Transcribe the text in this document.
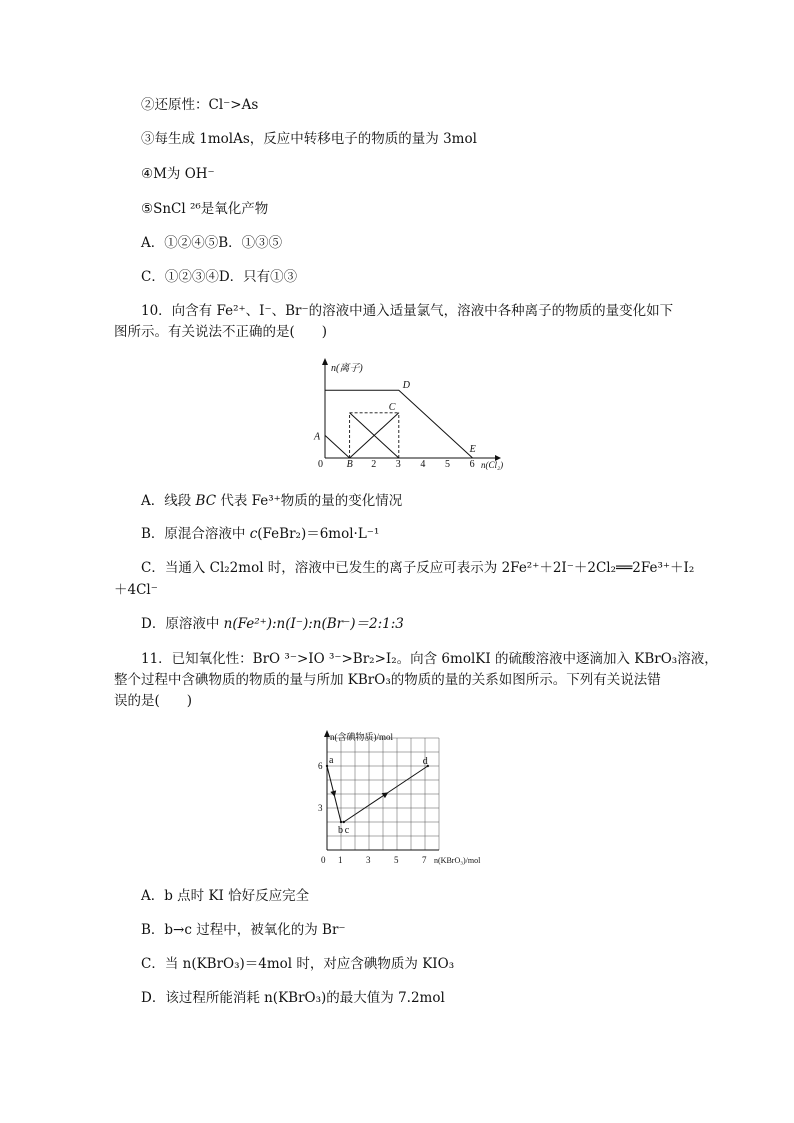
②还原性：Cl⁻>As
③每生成 1molAs，反应中转移电子的物质的量为 3mol
④M为 OH⁻
⑤SnCl ²⁶是氧化产物
A．①②④⑤B．①③⑤
C．①②③④D．只有①③
10．向含有 Fe²⁺、I⁻、Br⁻的溶液中通入适量氯气，溶液中各种离子的物质的量变化如下
图所示。有关说法不正确的是(　　)
n(离子)
n(Cl₂)
0 B 2 3 4 5 6
A
C
D
E
A．线段 BC 代表 Fe³⁺物质的量的变化情况
B．原混合溶液中 c(FeBr₂)＝6mol·L⁻¹
C．当通入 Cl₂2mol 时，溶液中已发生的离子反应可表示为 2Fe²⁺＋2I⁻＋2Cl₂══2Fe³⁺＋I₂
＋4Cl⁻
D．原溶液中 n(Fe²⁺):n(I⁻):n(Br⁻)＝2:1:3
11．已知氧化性：BrO ³⁻>IO ³⁻>Br₂>I₂。向含 6molKI 的硫酸溶液中逐滴加入 KBrO₃溶液，
整个过程中含碘物质的物质的量与所加 KBrO₃的物质的量的关系如图所示。下列有关说法错
误的是(　　)
n(含碘物质)/mol
n(KBrO₃)/mol
0 1	3	5	7
3
6 a
b c
d
A．b 点时 KI 恰好反应完全
B．b→c 过程中，被氧化的为 Br⁻
C．当 n(KBrO₃)＝4mol 时，对应含碘物质为 KIO₃
D．该过程所能消耗 n(KBrO₃)的最大值为 7.2mol
